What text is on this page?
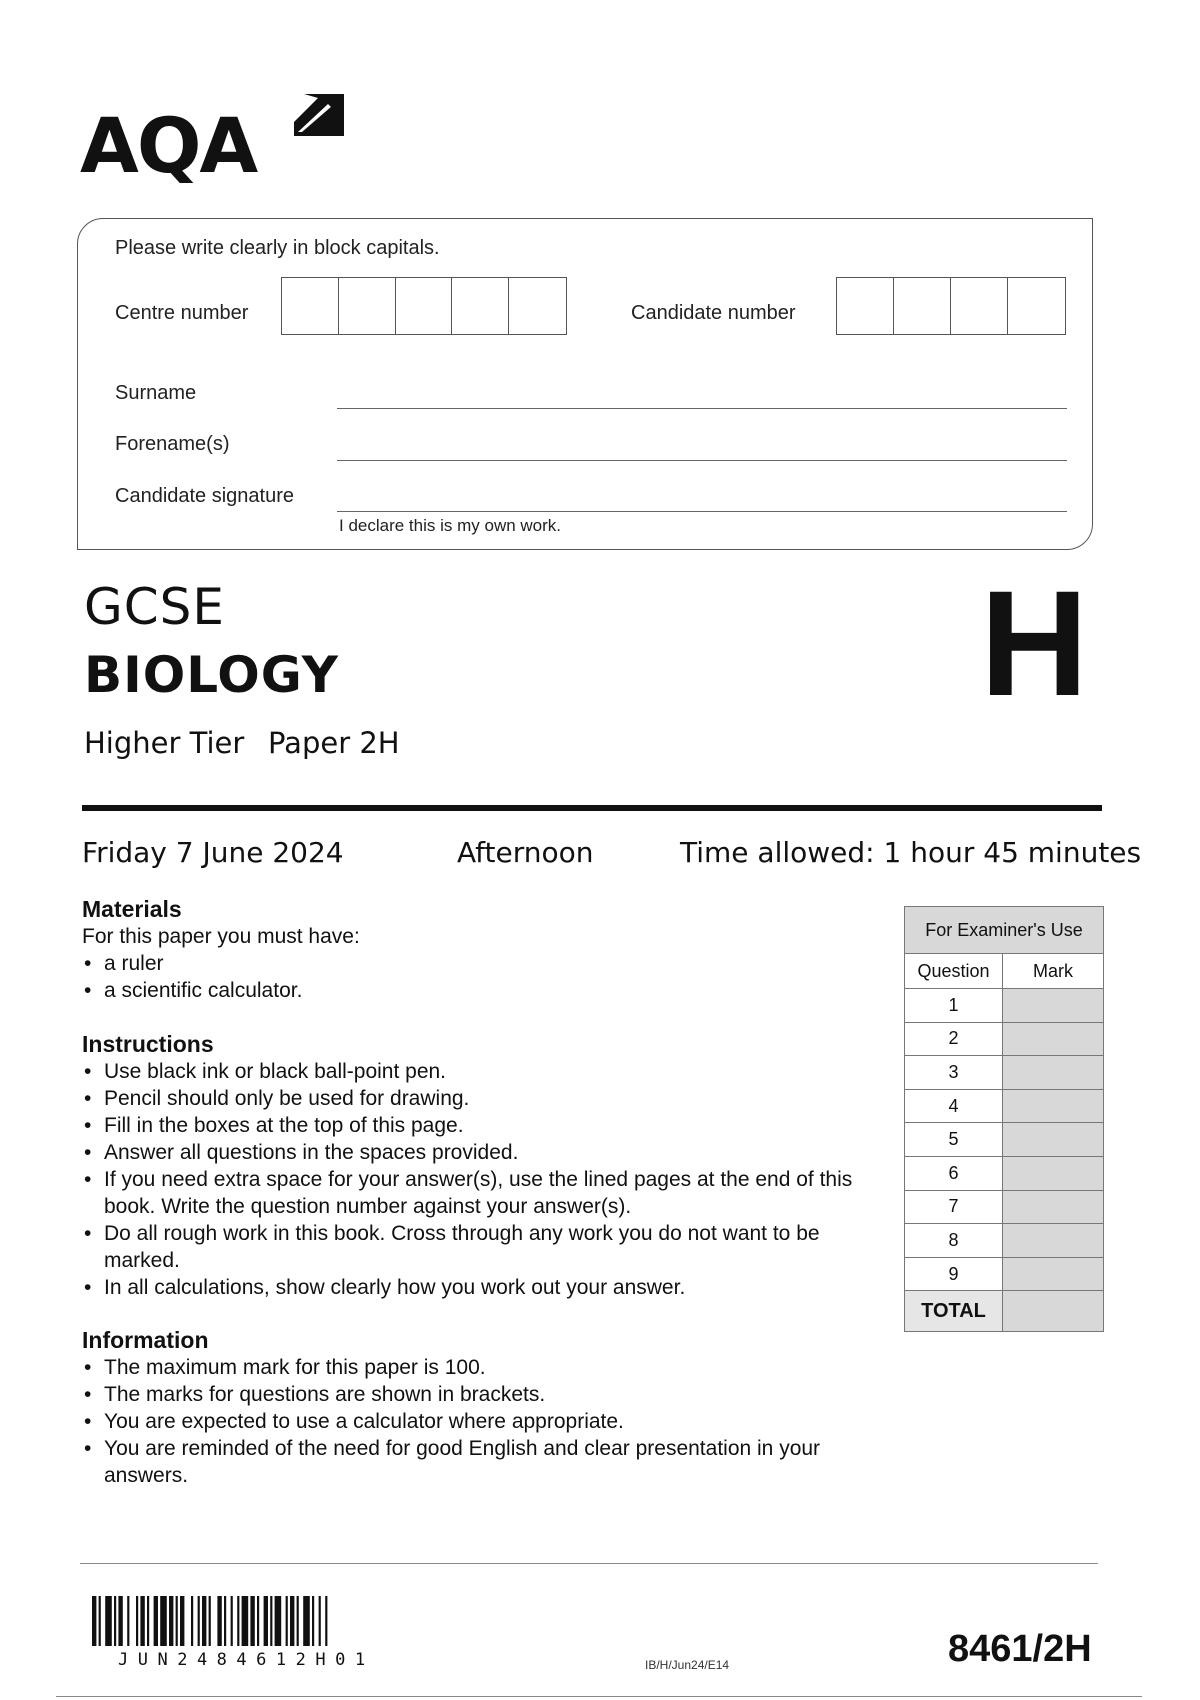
AQA
Please write clearly in block capitals.
Centre number	Candidate number
Surname
Forename(s)
Candidate signature
I declare this is my own work.
GCSE
BIOLOGY
Higher Tier Paper 2H
H
Friday 7 June 2024	Afternoon	Time allowed: 1 hour 45 minutes
Materials
For this paper you must have:
• a ruler
• a scientific calculator.
Instructions
• Use black ink or black ball-point pen.
• Pencil should only be used for drawing.
• Fill in the boxes at the top of this page.
• Answer all questions in the spaces provided.
• If you need extra space for your answer(s), use the lined pages at the end of this book. Write the question number against your answer(s).
• Do all rough work in this book. Cross through any work you do not want to be marked.
• In all calculations, show clearly how you work out your answer.
Information
• The maximum mark for this paper is 100.
• The marks for questions are shown in brackets.
• You are expected to use a calculator where appropriate.
• You are reminded of the need for good English and clear presentation in your answers.
For Examiner's Use	
Question	Mark
1	
2	
3	
4	
5	
6	
7	
8	
9	
TOTAL	
JUN2484612H01	IB/H/Jun24/E14	8461/2H
